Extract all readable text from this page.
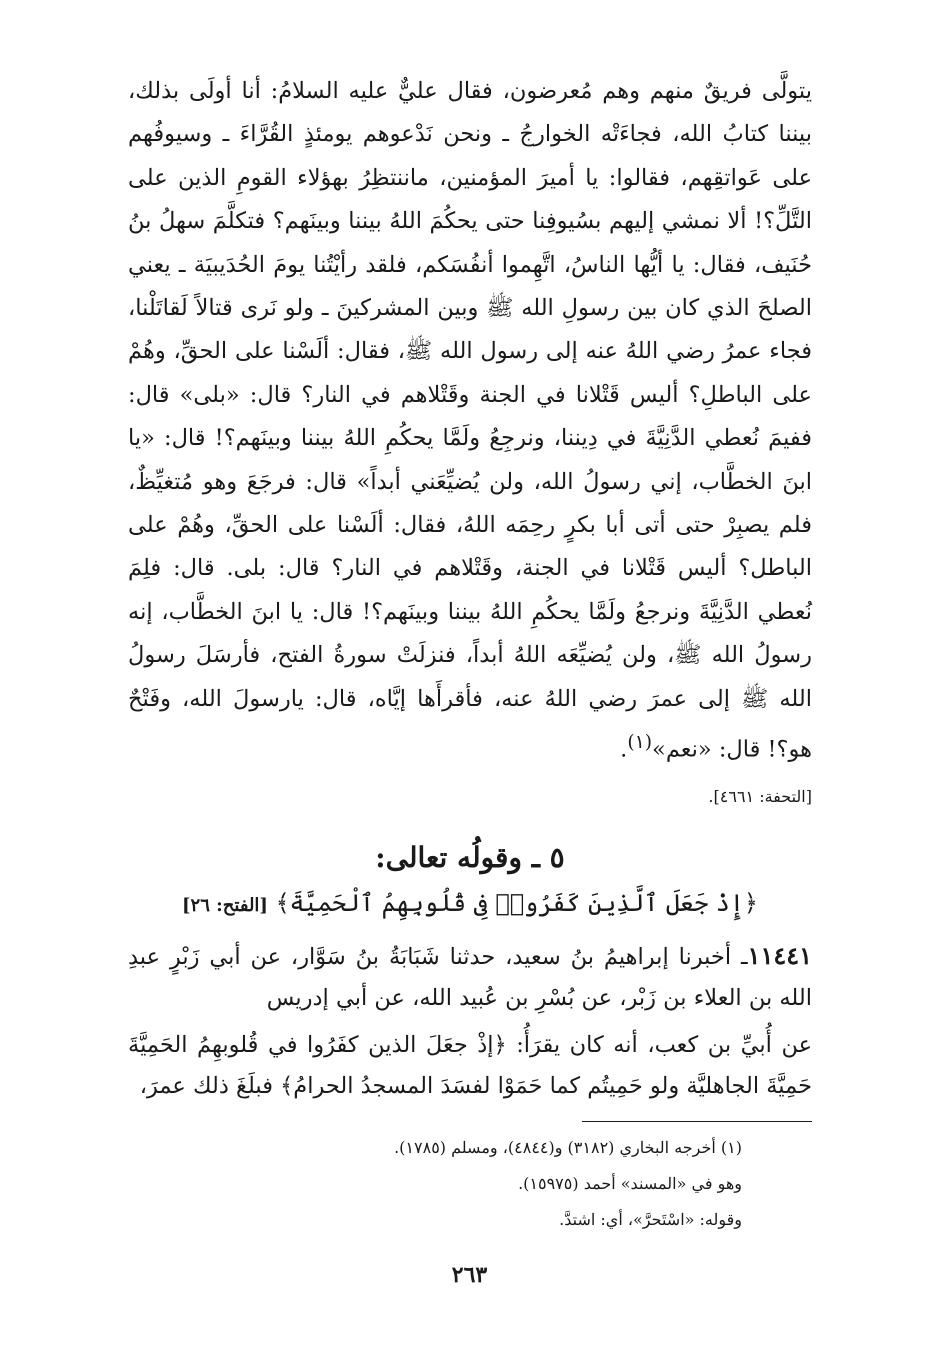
يتولَّى فريقٌ منهم وهم مُعرضون، فقال عليٌّ عليه السلامُ: أنا أولَى بذلك، بيننا كتابُ الله، فجاءَتْه الخوارجُ ـ ونحن نَدْعوهم يومئذٍ القُرَّاءَ ـ وسيوفُهم على عَواتقِهم، فقالوا: يا أميرَ المؤمنين، ماننتظِرُ بهؤلاء القومِ الذين على التَّلِّ؟! ألا نمشي إليهم بسُيوفِنا حتى يحكُمَ اللهُ بيننا وبينَهم؟ فتكلَّمَ سهلُ بنُ حُنَيف، فقال: يا أيُّها الناسُ، اتَّهِموا أنفُسَكم، فلقد رأيْتُنا يومَ الحُدَيبيَة ـ يعني الصلحَ الذي كان بين رسولِ الله ﷺ وبين المشركينَ ـ ولو نَرى قتالاً لَقاتَلْنا، فجاء عمرُ رضي اللهُ عنه إلى رسول الله ﷺ، فقال: ألَسْنا على الحقِّ، وهُمْ على الباطلِ؟ أليس قَتْلانا في الجنة وقَتْلاهم في النار؟ قال: «بلى» قال: ففيمَ نُعطي الدَّنِيَّةَ في دِيننا، ونرجِعُ ولَمَّا يحكُمِ اللهُ بيننا وبينَهم؟! قال: «يا ابنَ الخطَّاب، إني رسولُ الله، ولن يُضيِّعَني أبداً» قال: فرجَعَ وهو مُتغيِّظٌ، فلم يصبِرْ حتى أتى أبا بكرٍ رحِمَه اللهُ، فقال: ألَسْنا على الحقِّ، وهُمْ على الباطل؟ أليس قَتْلانا في الجنة، وقَتْلاهم في النار؟ قال: بلى. قال: فلِمَ نُعطي الدَّنِيَّةَ ونرجعُ ولَمَّا يحكُمِ اللهُ بيننا وبينَهم؟! قال: يا ابنَ الخطَّاب، إنه رسولُ الله ﷺ، ولن يُضيِّعَه اللهُ أبداً، فنزلَتْ سورةُ الفتح، فأرسَلَ رسولُ الله ﷺ إلى عمرَ رضي اللهُ عنه، فأقرأَها إيَّاه، قال: يارسولَ الله، وفَتْحٌ هو؟! قال: «نعم»$^{(١)}$.

[التحفة: ٤٦٦١].

٥ ـ وقولُه تعالى:

﴿إِذْ جَعَلَ ٱلَّذِينَ كَفَرُوا۟ فِى قُلُوبِهِمُ ٱلْحَمِيَّةَ﴾ [الفتح: ٢٦]

١١٤٤١ـ أخبرنا إبراهيمُ بنُ سعيد، حدثنا شَبَابَةُ بنُ سَوَّار، عن أبي زَبْرٍ عبدِ الله بن العلاء بن زَبْر، عن بُسْرِ بن عُبيد الله، عن أبي إدريس

عن أُبيِّ بن كعب، أنه كان يقرَأُ: ﴿إذْ جعَلَ الذين كفَرُوا في قُلوبهِمُ الحَمِيَّةَ حَمِيَّةَ الجاهليَّة ولو حَمِيتُم كما حَمَوْا لفسَدَ المسجدُ الحرامُ﴾ فبلَغَ ذلك عمرَ،

(١) أخرجه البخاري (٣١٨٢) و(٤٨٤٤)، ومسلم (١٧٨٥).

وهو في «المسند» أحمد (١٥٩٧٥).

وقوله: «اسْتَحرَّ»، أي: اشتدَّ.

٢٦٣
